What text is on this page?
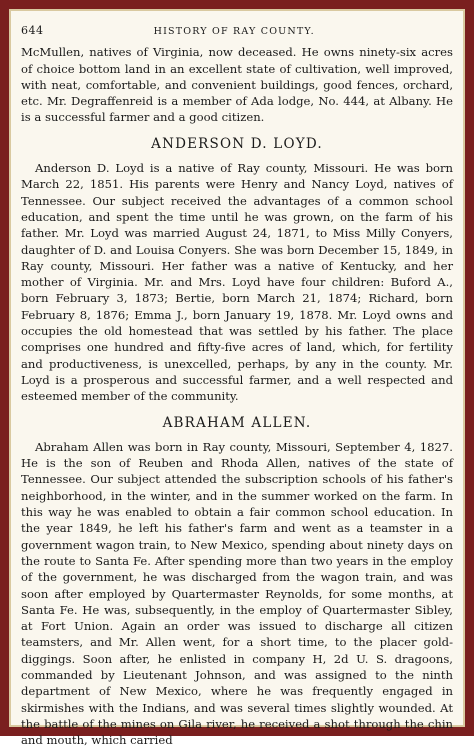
644	HISTORY OF RAY COUNTY.

McMullen, natives of Virginia, now deceased. He owns ninety-six acres of choice bottom land in an excellent state of cultivation, well improved, with neat, comfortable, and convenient buildings, good fences, orchard, etc. Mr. Degraffenreid is a member of Ada lodge, No. 444, at Albany. He is a successful farmer and a good citizen.

ANDERSON D. LOYD.

Anderson D. Loyd is a native of Ray county, Missouri. He was born March 22, 1851. His parents were Henry and Nancy Loyd, natives of Tennessee. Our subject received the advantages of a common school education, and spent the time until he was grown, on the farm of his father. Mr. Loyd was married August 24, 1871, to Miss Milly Conyers, daughter of D. and Louisa Conyers. She was born December 15, 1849, in Ray county, Missouri. Her father was a native of Kentucky, and her mother of Virginia. Mr. and Mrs. Loyd have four children: Buford A., born February 3, 1873; Bertie, born March 21, 1874; Richard, born February 8, 1876; Emma J., born January 19, 1878. Mr. Loyd owns and occupies the old homestead that was settled by his father. The place comprises one hundred and fifty-five acres of land, which, for fertility and productiveness, is unexcelled, perhaps, by any in the county. Mr. Loyd is a prosperous and successful farmer, and a well respected and esteemed member of the community.

ABRAHAM ALLEN.

Abraham Allen was born in Ray county, Missouri, September 4, 1827. He is the son of Reuben and Rhoda Allen, natives of the state of Tennessee. Our subject attended the subscription schools of his father's neighborhood, in the winter, and in the summer worked on the farm. In this way he was enabled to obtain a fair common school education. In the year 1849, he left his father's farm and went as a teamster in a government wagon train, to New Mexico, spending about ninety days on the route to Santa Fe. After spending more than two years in the employ of the government, he was discharged from the wagon train, and was soon after employed by Quartermaster Reynolds, for some months, at Santa Fe. He was, subsequently, in the employ of Quartermaster Sibley, at Fort Union. Again an order was issued to discharge all citizen teamsters, and Mr. Allen went, for a short time, to the placer gold-diggings. Soon after, he enlisted in company H, 2d U. S. dragoons, commanded by Lieutenant Johnson, and was assigned to the ninth department of New Mexico, where he was frequently engaged in skirmishes with the Indians, and was several times slightly wounded. At the battle of the mines on Gila river, he received a shot through the chin and mouth, which carried
